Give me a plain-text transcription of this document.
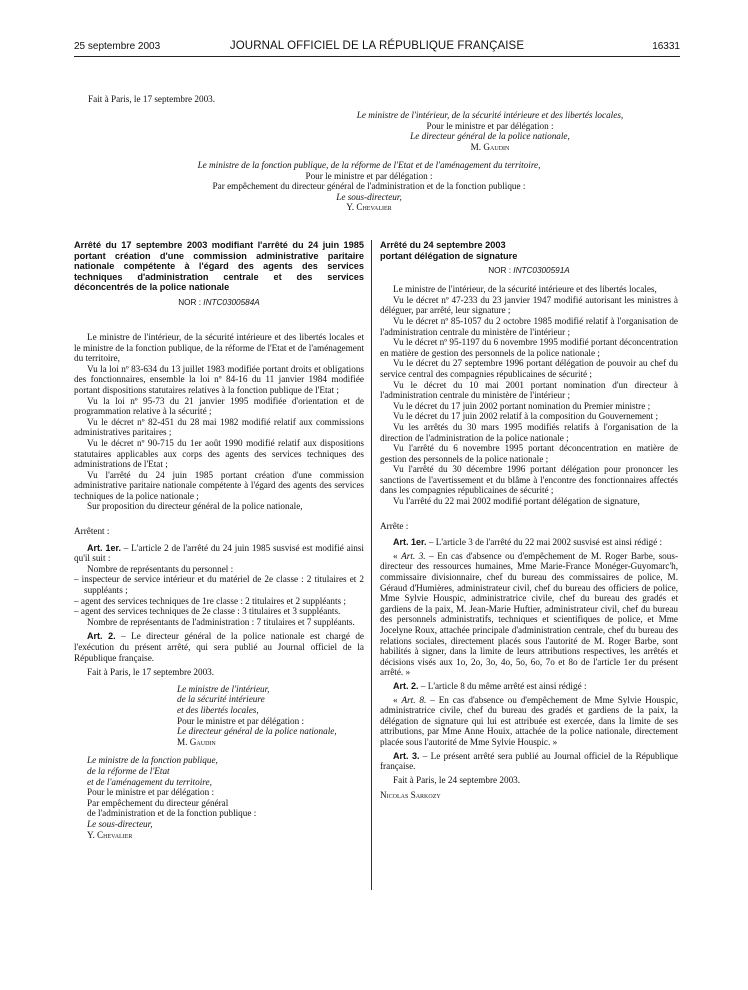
25 septembre 2003	JOURNAL OFFICIEL DE LA RÉPUBLIQUE FRANÇAISE	16331

Fait à Paris, le 17 septembre 2003.

Le ministre de l'intérieur, de la sécurité intérieure et des libertés locales,

Pour le ministre et par délégation :

Le directeur général de la police nationale,

M. Gaudin

Le ministre de la fonction publique, de la réforme de l'Etat et de l'aménagement du territoire,

Pour le ministre et par délégation :

Par empêchement du directeur général de l'administration et de la fonction publique :

Le sous-directeur,

Y. Chevalier

Arrêté du 17 septembre 2003 modifiant l'arrêté du 24 juin 1985 portant création d'une commission administrative paritaire nationale compétente à l'égard des agents des services techniques d'administration centrale et des services déconcentrés de la police nationale

NOR : INTC0300584A

Le ministre de l'intérieur, de la sécurité intérieure et des libertés locales et le ministre de la fonction publique, de la réforme de l'Etat et de l'aménagement du territoire,

Vu la loi nº 83-634 du 13 juillet 1983 modifiée portant droits et obligations des fonctionnaires, ensemble la loi nº 84-16 du 11 janvier 1984 modifiée portant dispositions statutaires relatives à la fonction publique de l'Etat ;

Vu la loi nº 95-73 du 21 janvier 1995 modifiée d'orientation et de programmation relative à la sécurité ;

Vu le décret nº 82-451 du 28 mai 1982 modifié relatif aux commissions administratives paritaires ;

Vu le décret nº 90-715 du 1er août 1990 modifié relatif aux dispositions statutaires applicables aux corps des agents des services techniques des administrations de l'Etat ;

Vu l'arrêté du 24 juin 1985 portant création d'une commission administrative paritaire nationale compétente à l'égard des agents des services techniques de la police nationale ;

Sur proposition du directeur général de la police nationale,

Arrêtent :

Art. 1er. – L'article 2 de l'arrêté du 24 juin 1985 susvisé est modifié ainsi qu'il suit :

Nombre de représentants du personnel :

– inspecteur de service intérieur et du matériel de 2e classe : 2 titulaires et 2 suppléants ;
– agent des services techniques de 1re classe : 2 titulaires et 2 suppléants ;
– agent des services techniques de 2e classe : 3 titulaires et 3 suppléants.

Nombre de représentants de l'administration : 7 titulaires et 7 suppléants.

Art. 2. – Le directeur général de la police nationale est chargé de l'exécution du présent arrêté, qui sera publié au Journal officiel de la République française.

Fait à Paris, le 17 septembre 2003.

Le ministre de l'intérieur,

de la sécurité intérieure

et des libertés locales,

Pour le ministre et par délégation :

Le directeur général de la police nationale,

M. Gaudin

Le ministre de la fonction publique,

de la réforme de l'Etat

et de l'aménagement du territoire,

Pour le ministre et par délégation :

Par empêchement du directeur général

de l'administration et de la fonction publique :

Le sous-directeur,

Y. Chevalier

Arrêté du 24 septembre 2003

portant délégation de signature

NOR : INTC0300591A

Le ministre de l'intérieur, de la sécurité intérieure et des libertés locales,

Vu le décret nº 47-233 du 23 janvier 1947 modifié autorisant les ministres à déléguer, par arrêté, leur signature ;

Vu le décret nº 85-1057 du 2 octobre 1985 modifié relatif à l'organisation de l'administration centrale du ministère de l'intérieur ;

Vu le décret nº 95-1197 du 6 novembre 1995 modifié portant déconcentration en matière de gestion des personnels de la police nationale ;

Vu le décret du 27 septembre 1996 portant délégation de pouvoir au chef du service central des compagnies républicaines de sécurité ;

Vu le décret du 10 mai 2001 portant nomination d'un directeur à l'administration centrale du ministère de l'intérieur ;

Vu le décret du 17 juin 2002 portant nomination du Premier ministre ;

Vu le décret du 17 juin 2002 relatif à la composition du Gouvernement ;

Vu les arrêtés du 30 mars 1995 modifiés relatifs à l'organisation de la direction de l'administration de la police nationale ;

Vu l'arrêté du 6 novembre 1995 portant déconcentration en matière de gestion des personnels de la police nationale ;

Vu l'arrêté du 30 décembre 1996 portant délégation pour prononcer les sanctions de l'avertissement et du blâme à l'encontre des fonctionnaires affectés dans les compagnies républicaines de sécurité ;

Vu l'arrêté du 22 mai 2002 modifié portant délégation de signature,

Arrête :

Art. 1er. – L'article 3 de l'arrêté du 22 mai 2002 susvisé est ainsi rédigé :

« Art. 3. – En cas d'absence ou d'empêchement de M. Roger Barbe, sous-directeur des ressources humaines, Mme Marie-France Monéger-Guyomarc'h, commissaire divisionnaire, chef du bureau des commissaires de police, M. Géraud d'Humières, administrateur civil, chef du bureau des officiers de police, Mme Sylvie Houspic, administratrice civile, chef du bureau des gradés et gardiens de la paix, M. Jean-Marie Huftier, administrateur civil, chef du bureau des personnels administratifs, techniques et scientifiques de police, et Mme Jocelyne Roux, attachée principale d'administration centrale, chef du bureau des relations sociales, directement placés sous l'autorité de M. Roger Barbe, sont habilités à signer, dans la limite de leurs attributions respectives, les arrêtés et décisions visés aux 1o, 2o, 3o, 4o, 5o, 6o, 7o et 8o de l'article 1er du présent arrêté. »

Art. 2. – L'article 8 du même arrêté est ainsi rédigé :

« Art. 8. – En cas d'absence ou d'empêchement de Mme Sylvie Houspic, administratrice civile, chef du bureau des gradés et gardiens de la paix, la délégation de signature qui lui est attribuée est exercée, dans la limite de ses attributions, par Mme Anne Houix, attachée de la police nationale, directement placée sous l'autorité de Mme Sylvie Houspic. »

Art. 3. – Le présent arrêté sera publié au Journal officiel de la République française.

Fait à Paris, le 24 septembre 2003.

Nicolas Sarkozy
